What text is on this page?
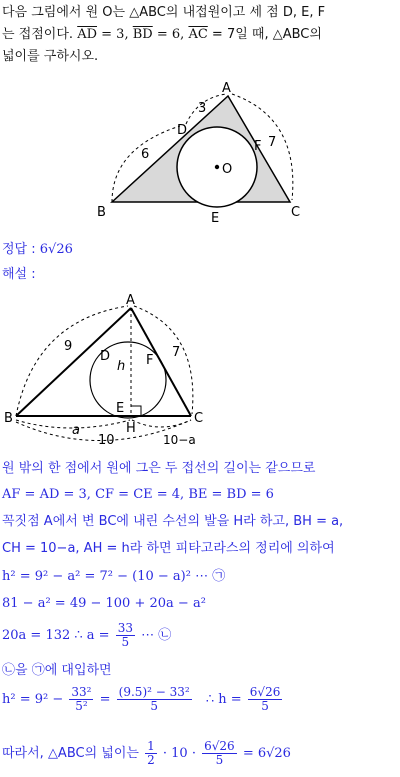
다음 그림에서 원 O는 △ABC의 내접원이고 세 점 D, E, F
는 접점이다. $\overline{AD} = 3$, $\overline{BD} = 6$, $\overline{AC} = 7$일 때, △ABC의
넓이를 구하시오.
A
B	C
D
E
F
O
3
6
7
정답 : 6√26
해설 :
A
B	C
D
E
F
H
h
9	7
a
10	10−a
원 밖의 한 점에서 원에 그은 두 접선의 길이는 같으므로
AF = AD = 3, CF = CE = 4, BE = BD = 6
꼭짓점 A에서 변 BC에 내린 수선의 발을 H라 하고, BH = a,
CH = 10−a, AH = h라 하면 피타고라스의 정리에 의하여
h² = 9² − a² = 7² − (10 − a)² ⋯ ㉠
81 − a² = 49 − 100 + 20a − a²
20a = 132 ∴ $a = \frac{33}{5}$ ⋯ ㉡
㉡을 ㉠에 대입하면
$h^2 = 9^2 - \frac{\text{33²}}{\text{5²}} = \frac{\text{(9.5)² − 33²}}{5}$ ∴ $h = \frac{6√26}{5}$
따라서, △ABC의 넓이는 $\frac{1}{2} \cdot 10 \cdot \frac{6√26}{5} = 6√26$
